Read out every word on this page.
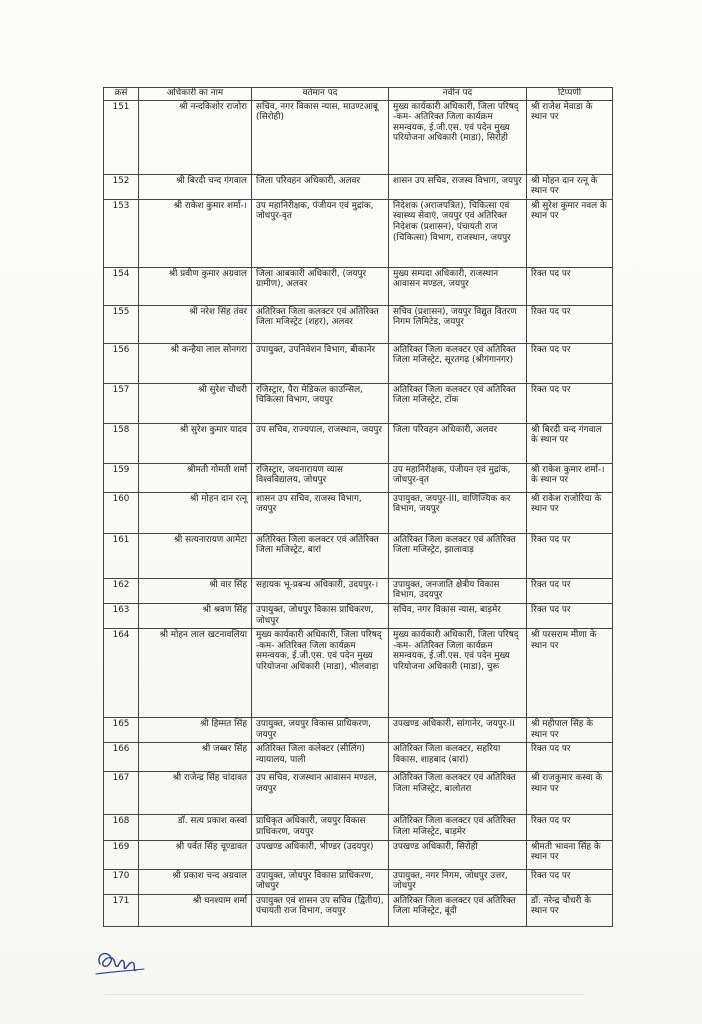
क्रसं	अधिकारी का नाम	वर्तमान पद	नवीन पद	टिप्पणी
151	श्री नन्दकिशोर राजोरा	सचिव, नगर विकास न्यास, माउण्टआबू (सिरोही)	मुख्य कार्यकारी अधिकारी, जिला परिषद् -कम- अतिरिक्त जिला कार्यक्रम समन्वयक, ई.जी.एस. एवं पदेन मुख्य परियोजना अधिकारी (माडा), सिरोही	श्री राजेश मेवाडा के स्थान पर
152	श्री बिरदी चन्द गंगवाल	जिला परिवहन अधिकारी, अलवर	शासन उप सचिव, राजस्व विभाग, जयपुर	श्री मोहन दान रत्नू के स्थान पर
153	श्री राकेश कुमार शर्मा-।	उप महानिरीक्षक, पंजीयन एवं मुद्रांक, जोधपुर-वृत	निदेशक (अराजपत्रित), चिकित्सा एवं स्वास्थ्य सेवाएं, जयपुर एवं अतिरिक्त निदेशक (प्रशासन), पंचायती राज (चिकित्सा) विभाग, राजस्थान, जयपुर	श्री सुरेश कुमार नवल के स्थान पर
154	श्री प्रवीण कुमार अग्रवाल	जिला आबकारी अधिकारी, (जयपुर ग्रामीण), अलवर	मुख्य सम्पदा अधिकारी, राजस्थान आवासन मण्डल, जयपुर	रिक्त पद पर
155	श्री नरेश सिंह तंवर	अतिरिक्त जिला कलक्टर एवं अतिरिक्त जिला मजिस्ट्रेट (शहर), अलवर	सचिव (प्रशासन), जयपुर विद्युत वितरण निगम लिमिटेड, जयपुर	रिक्त पद पर
156	श्री कन्हैया लाल सोनगरा	उपायुक्त, उपनिवेशन विभाग, बीकानेर	अतिरिक्त जिला कलक्टर एवं अतिरिक्त जिला मजिस्ट्रेट, सूरतगढ़ (श्रीगंगानगर)	रिक्त पद पर
157	श्री सुरेश चौधरी	रजिस्ट्रार, पैरा मेडिकल काउन्सिल, चिकित्सा विभाग, जयपुर	अतिरिक्त जिला कलक्टर एवं अतिरिक्त जिला मजिस्ट्रेट, टोंक	रिक्त पद पर
158	श्री सुरेश कुमार यादव	उप सचिव, राज्यपाल, राजस्थान, जयपुर	जिला परिवहन अधिकारी, अलवर	श्री बिरदी चन्द गंगवाल के स्थान पर
159	श्रीमती गोमती शर्मा	रजिस्ट्रार, जयनारायण व्यास विश्वविद्यालय, जोधपुर	उप महानिरीक्षक, पंजीयन एवं मुद्रांक, जोधपुर-वृत	श्री राकेश कुमार शर्मा-। के स्थान पर
160	श्री मोहन दान रत्नू	शासन उप सचिव, राजस्व विभाग, जयपुर	उपायुक्त, जयपुर-III, वाणिज्यिक कर विभाग, जयपुर	श्री राकेश राजोरिया के स्थान पर
161	श्री सत्यनारायण आमेटा	अतिरिक्त जिला कलक्टर एवं अतिरिक्त जिला मजिस्ट्रेट, बारां	अतिरिक्त जिला कलक्टर एवं अतिरिक्त जिला मजिस्ट्रेट, झालावाड़	रिक्त पद पर
162	श्री वार सिंह	सहायक भू-प्रबन्ध अधिकारी, उदयपुर-।	उपायुक्त, जनजाति क्षेत्रीय विकास विभाग, उदयपुर	रिक्त पद पर
163	श्री श्रवण सिंह	उपायुक्त, जोधपुर विकास प्राधिकरण, जोधपुर	सचिव, नगर विकास न्यास, बाड़मेर	रिक्त पद पर
164	श्री मोहन लाल खटनावलिया	मुख्य कार्यकारी अधिकारी, जिला परिषद् -कम- अतिरिक्त जिला कार्यक्रम समन्वयक, ई.जी.एस. एवं पदेन मुख्य परियोजना अधिकारी (माडा), भीलवाड़ा	मुख्य कार्यकारी अधिकारी, जिला परिषद् -कम- अतिरिक्त जिला कार्यक्रम समन्वयक, ई.जी.एस. एवं पदेन मुख्य परियोजना अधिकारी (माडा), चुरू	श्री परसराम मीणा के स्थान पर
165	श्री हिम्मत सिंह	उपायुक्त, जयपुर विकास प्राधिकरण, जयपुर	उपखण्ड अधिकारी, सांगानेर, जयपुर-II	श्री महीपाल सिंह के स्थान पर
166	श्री जब्बर सिंह	अतिरिक्त जिला कलेक्टर (सीलिंग) न्यायालय, पाली	अतिरिक्त जिला कलक्टर, सहरिया विकास, शाहबाद (बारां)	रिक्त पद पर
167	श्री राजेन्द्र सिंह चांदावत	उप सचिव, राजस्थान आवासन मण्डल, जयपुर	अतिरिक्त जिला कलक्टर एवं अतिरिक्त जिला मजिस्ट्रेट, बालोतरा	श्री राजकुमार कस्वा के स्थान पर
168	डॉ. सत्य प्रकाश कस्वां	प्राधिकृत अधिकारी, जयपुर विकास प्राधिकरण, जयपुर	अतिरिक्त जिला कलक्टर एवं अतिरिक्त जिला मजिस्ट्रेट, बाड़मेर	रिक्त पद पर
169	श्री पर्वत सिंह चूण्डावत	उपखण्ड अधिकारी, भीण्डर (उदयपुर)	उपखण्ड अधिकारी, सिरोही	श्रीमती भावना सिंह के स्थान पर
170	श्री प्रकाश चन्द अग्रवाल	उपायुक्त, जोधपुर विकास प्राधिकरण, जोधपुर	उपायुक्त, नगर निगम, जोधपुर उत्तर, जोधपुर	रिक्त पद पर
171	श्री घनश्याम शर्मा	उपायुक्त एवं शासन उप सचिव (द्वितीय), पंचायती राज विभाग, जयपुर	अतिरिक्त जिला कलक्टर एवं अतिरिक्त जिला मजिस्ट्रेट, बूंदी	डॉ. नरेन्द्र चौधरी के स्थान पर
